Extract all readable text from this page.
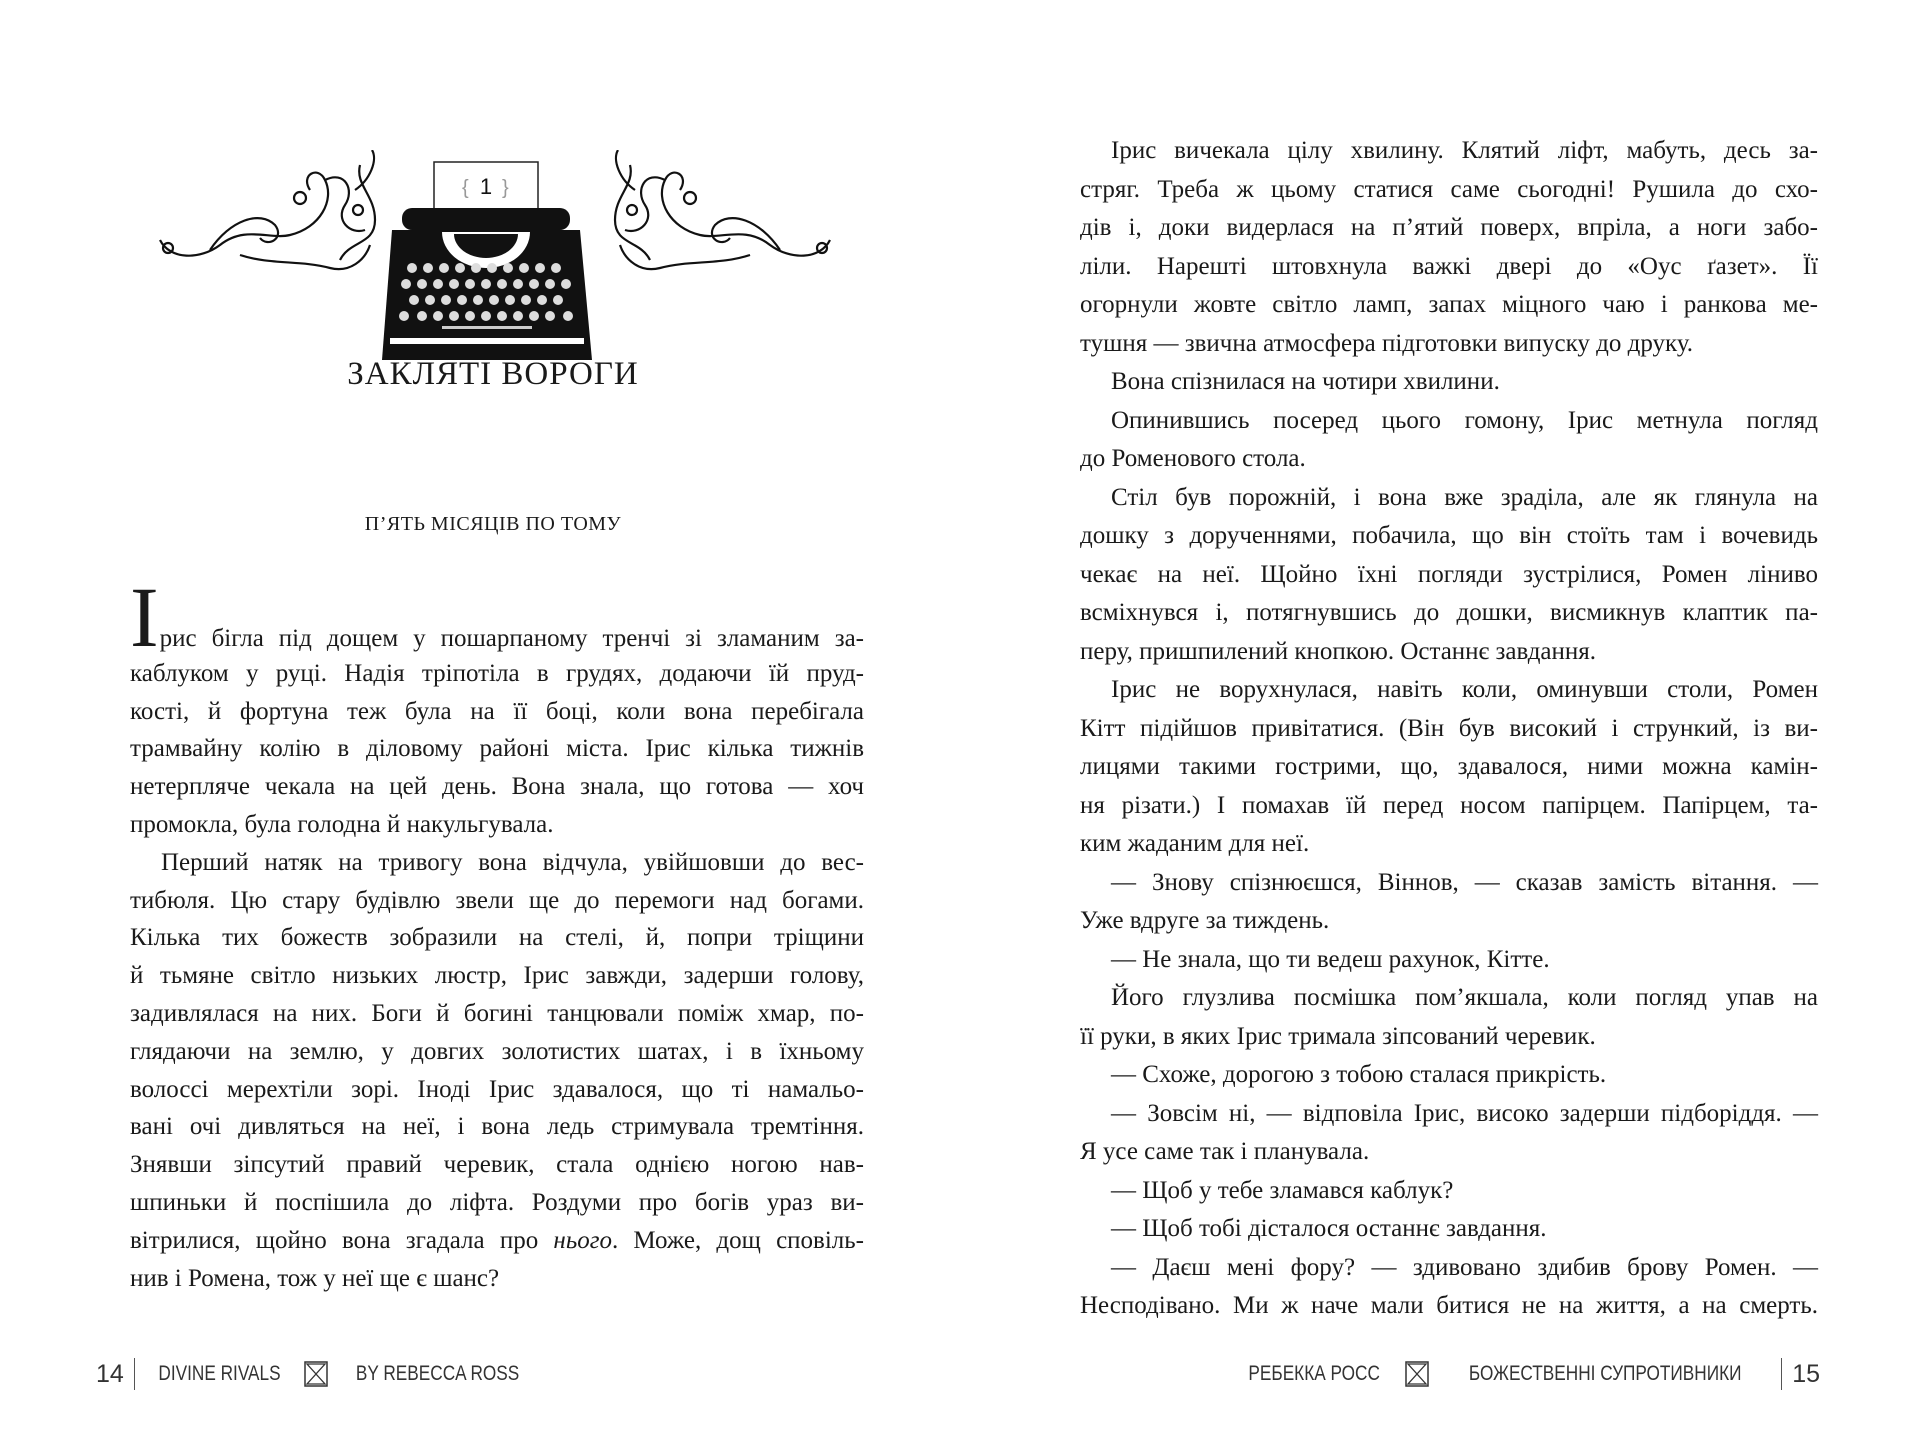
1
{ }
ЗАКЛЯТІ ВОРОГИ
П’ЯТЬ МІСЯЦІВ ПО ТОМУ
Ірис бігла під дощем у пошарпаному тренчі зі зламаним за-
каблуком у руці. Надія тріпотіла в грудях, додаючи їй пруд-
кості, й фортуна теж була на її боці, коли вона перебігала
трамвайну колію в діловому районі міста. Ірис кілька тижнів
нетерпляче чекала на цей день. Вона знала, що готова — хоч
промокла, була голодна й накульгувала.
Перший натяк на тривогу вона відчула, увійшовши до вес-
тибюля. Цю стару будівлю звели ще до перемоги над богами.
Кілька тих божеств зобразили на стелі, й, попри тріщини
й тьмяне світло низьких люстр, Ірис завжди, задерши голову,
задивлялася на них. Боги й богині танцювали поміж хмар, по-
глядаючи на землю, у довгих золотистих шатах, і в їхньому
волоссі мерехтіли зорі. Іноді Ірис здавалося, що ті намальо-
вані очі дивляться на неї, і вона ледь стримувала тремтіння.
Знявши зіпсутий правий черевик, стала однією ногою нав-
шпиньки й поспішила до ліфта. Роздуми про богів ураз ви-
вітрилися, щойно вона згадала про нього. Може, дощ сповіль-
нив і Ромена, тож у неї ще є шанс?
Ірис вичекала цілу хвилину. Клятий ліфт, мабуть, десь за-
стряг. Треба ж цьому статися саме сьогодні! Рушила до схо-
дів і, доки видерлася на п’ятий поверх, впріла, а ноги забо-
ліли. Нарешті штовхнула важкі двері до «Оус ґазет». Її
огорнули жовте світло ламп, запах міцного чаю і ранкова ме-
тушня — звична атмосфера підготовки випуску до друку.
Вона спізнилася на чотири хвилини.
Опинившись посеред цього гомону, Ірис метнула погляд
до Роменового стола.
Стіл був порожній, і вона вже зраділа, але як глянула на
дошку з дорученнями, побачила, що він стоїть там і вочевидь
чекає на неї. Щойно їхні погляди зустрілися, Ромен ліниво
всміхнувся і, потягнувшись до дошки, висмикнув клаптик па-
перу, пришпилений кнопкою. Останнє завдання.
Ірис не ворухнулася, навіть коли, оминувши столи, Ромен
Кітт підійшов привітатися. (Він був високий і стрункий, із ви-
лицями такими гострими, що, здавалося, ними можна камін-
ня різати.) І помахав їй перед носом папірцем. Папірцем, та-
ким жаданим для неї.
— Знову спізнюєшся, Віннов, — сказав замість вітання. —
Уже вдруге за тиждень.
— Не знала, що ти ведеш рахунок, Кітте.
Його глузлива посмішка пом’якшала, коли погляд упав на
її руки, в яких Ірис тримала зіпсований черевик.
— Схоже, дорогою з тобою сталася прикрість.
— Зовсім ні, — відповіла Ірис, високо задерши підборіддя. —
Я усе саме так і планувала.
— Щоб у тебе зламався каблук?
— Щоб тобі дісталося останнє завдання.
— Даєш мені фору? — здивовано здибив брову Ромен. —
Несподівано. Ми ж наче мали битися не на життя, а на смерть.
14 DIVINE RIVALS	BY REBECCA ROSS	РЕБЕККА РОСС	БОЖЕСТВЕННІ СУПРОТИВНИКИ 15
